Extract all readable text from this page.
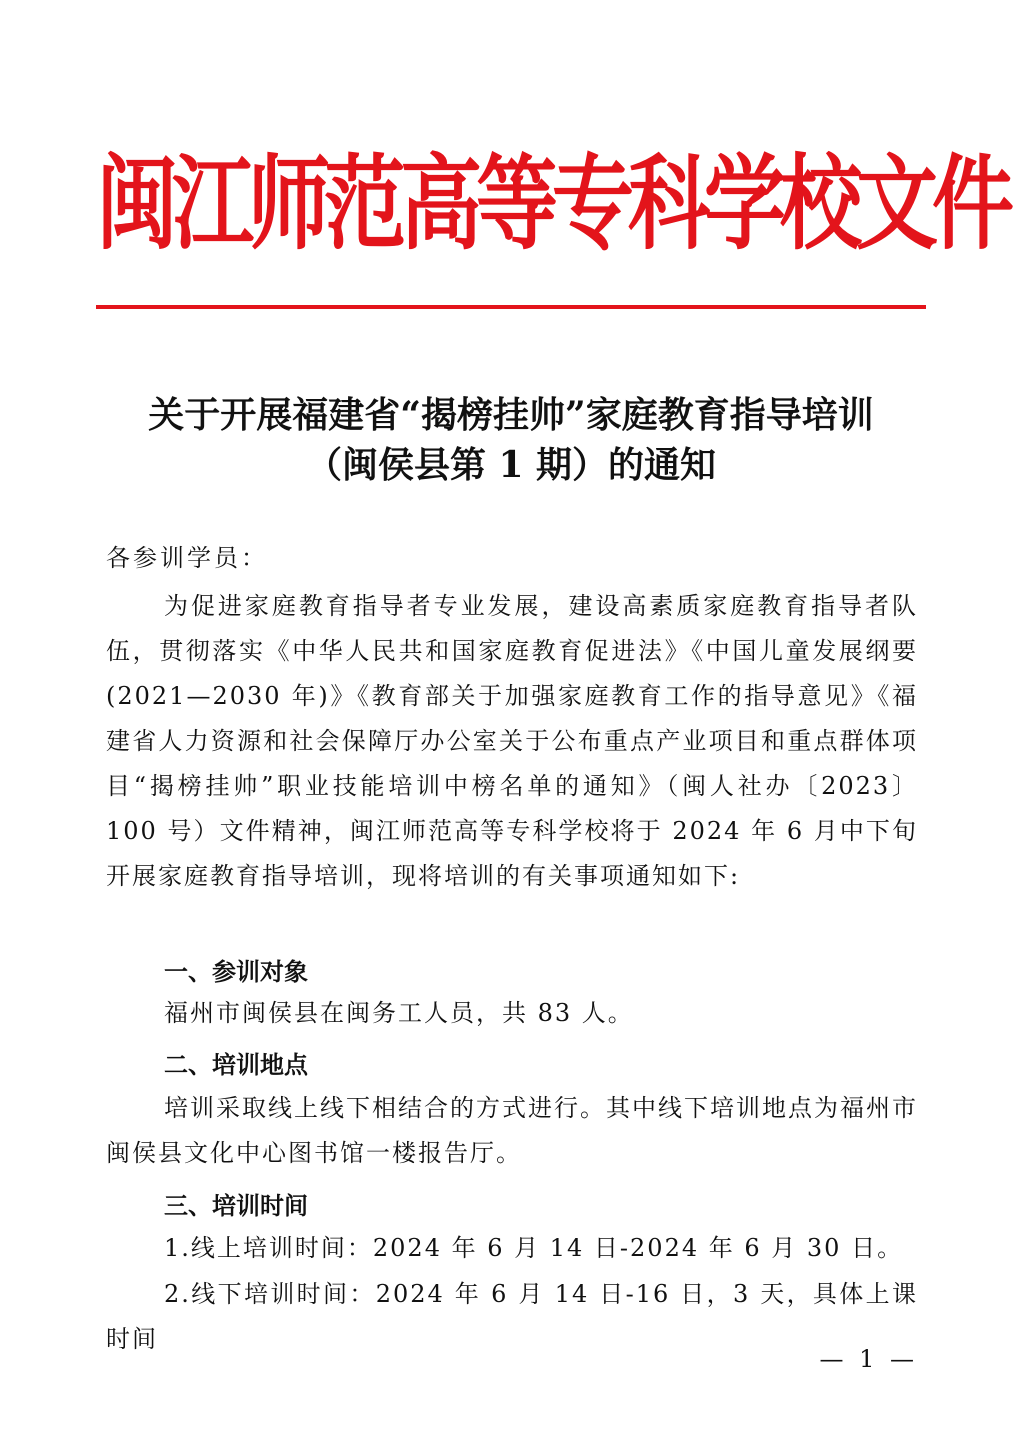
闽江师范高等专科学校文件
关于开展福建省“揭榜挂帅”家庭教育指导培训
（闽侯县第 1 期）的通知
各参训学员：
为促进家庭教育指导者专业发展，建设高素质家庭教育指导者队伍，贯彻落实《中华人民共和国家庭教育促进法》《中国儿童发展纲要(2021—2030 年)》《教育部关于加强家庭教育工作的指导意见》《福建省人力资源和社会保障厅办公室关于公布重点产业项目和重点群体项目“揭榜挂帅”职业技能培训中榜名单的通知》（闽人社办〔2023〕100 号）文件精神，闽江师范高等专科学校将于 2024 年 6 月中下旬开展家庭教育指导培训，现将培训的有关事项通知如下:
一、参训对象
福州市闽侯县在闽务工人员，共 83 人。
二、培训地点
培训采取线上线下相结合的方式进行。其中线下培训地点为福州市闽侯县文化中心图书馆一楼报告厅。
三、培训时间
1.线上培训时间：2024 年 6 月 14 日-2024 年 6 月 30 日。
2.线下培训时间：2024 年 6 月 14 日-16 日，3 天，具体上课时间
— 1 —
